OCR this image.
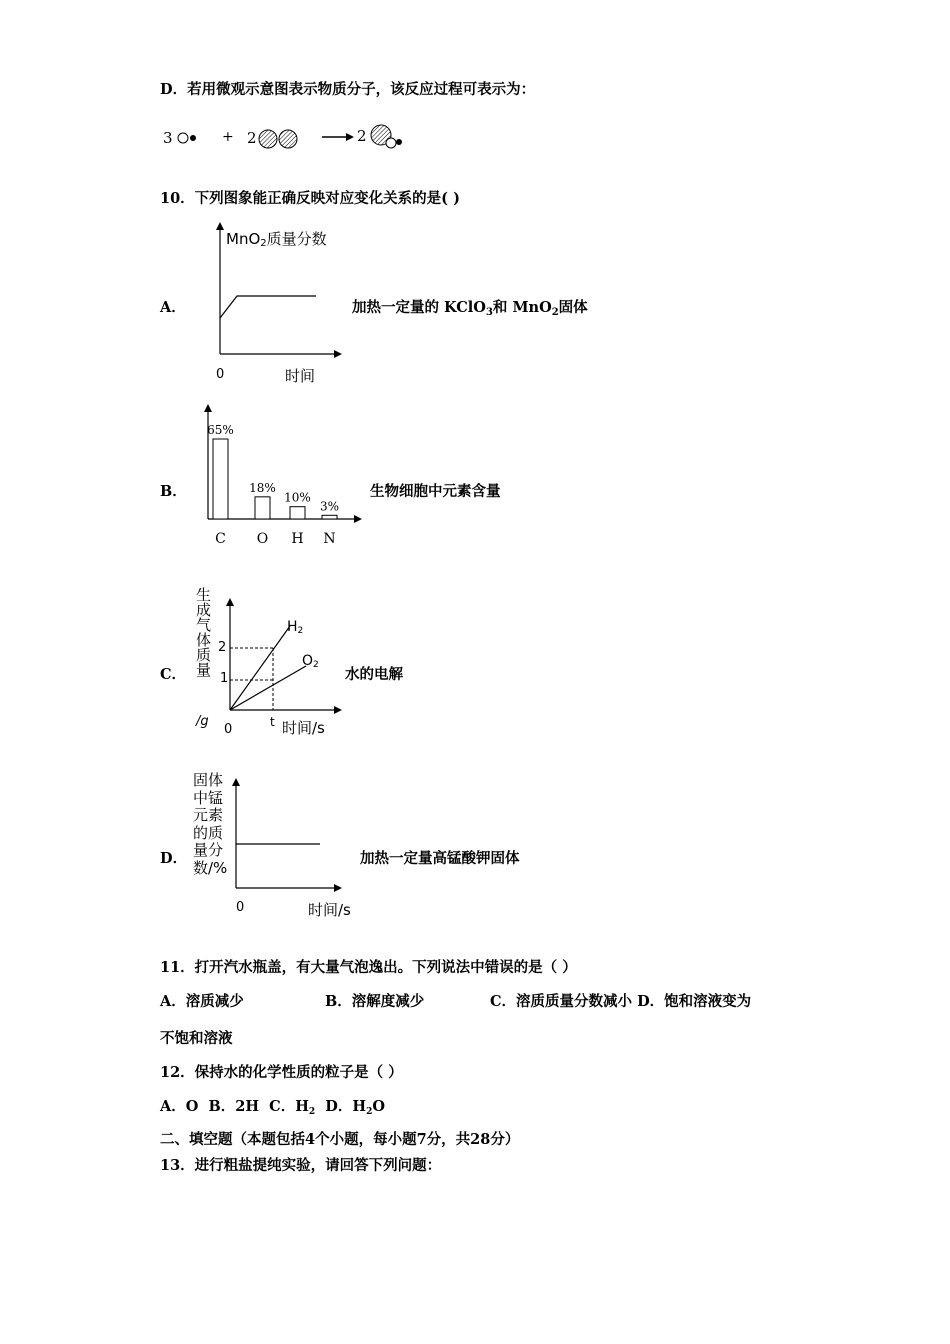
D．若用微观示意图表示物质分子，该反应过程可表示为：
3	+ 2	→ 2
10．下列图象能正确反映对应变化关系的是( )
A．
MnO2质量分数
0	时间
加热一定量的 KClO$_3$和 MnO$_2$固体
B．
65%
C
18%
O
10%
H
3%
N
生物细胞中元素含量
C． 生成气体质量
/g
2
1
0	t 时间/s
H2
O2
水的电解
D．
固体
中锰
元素
的质
量分
数/%
0	时间/s
加热一定量高锰酸钾固体
11．打开汽水瓶盖，有大量气泡逸出。下列说法中错误的是（ ）
A．溶质减少	B．溶解度减少	C．溶质质量分数减小 D．饱和溶液变为
不饱和溶液
12．保持水的化学性质的粒子是（ ）
A．O B．2H C．$H_2$ D．$H_2O$
二、填空题（本题包括4个小题，每小题7分，共28分）
13．进行粗盐提纯实验，请回答下列问题：
